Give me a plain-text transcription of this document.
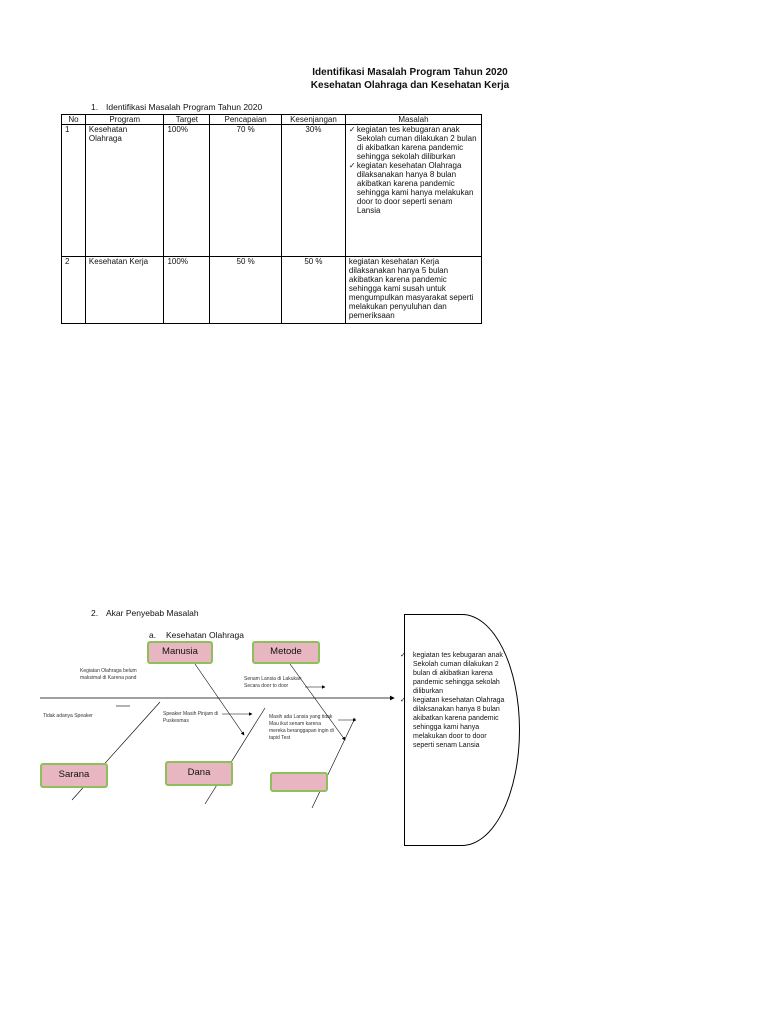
Identifikasi Masalah Program Tahun 2020
Kesehatan Olahraga dan Kesehatan Kerja
1. Identifikasi Masalah Program Tahun 2020
No	Program	Target	Pencapaian	Kesenjangan	Masalah
1	Kesehatan Olahraga	100%	70 %	30%	✓ kegiatan tes kebugaran anak Sekolah cuman dilakukan 2 bulan di akibatkan karena pandemic sehingga sekolah diliburkan
✓ kegiatan kesehatan Olahraga dilaksanakan hanya 8 bulan akibatkan karena pandemic sehingga kami hanya melakukan door to door seperti senam Lansia

2	Kesehatan Kerja	100%	50 %	50 %	kegiatan kesehatan Kerja dilaksanakan hanya 5 bulan akibatkan karena pandemic sehingga kami susah untuk mengumpulkan masyarakat seperti melakukan penyuluhan dan pemeriksaan
2. Akar Penyebab Masalah
a. Kesehatan Olahraga
Manusia	Metode
Sarana	Dana
Kegiatan Olahraga belum maksimal di Karena pand
Tidak adanya Speaker	Speaker Masih Pinjam di Puskesmas
Senam Lansia di Lakukan Secara door to door
Masih ada Lansia yang tidak Mau ikut senam karena mereka beranggapan ingin di tapid Test
✓	kegiatan tes kebugaran anak Sekolah cuman dilakukan 2 bulan di akibatkan karena pandemic sehingga sekolah diliburkan
✓	kegiatan kesehatan Olahraga dilaksanakan hanya 8 bulan akibatkan karena pandemic sehingga kami hanya melakukan door to door seperti senam Lansia
